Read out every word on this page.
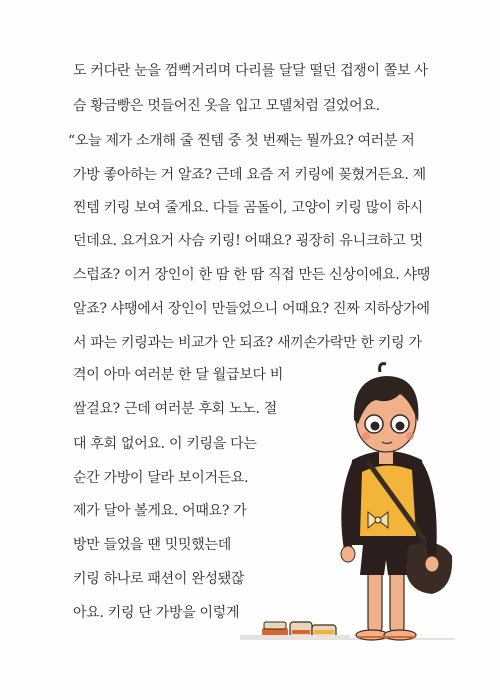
도 커다란 눈을 껌뻑거리며 다리를 달달 떨던 겁쟁이 쫄보 사
슴 황금빵은 멋들어진 옷을 입고 모델처럼 걸었어요.
“오늘 제가 소개해 줄 찐템 중 첫 번째는 뭘까요? 여러분 저
가방 좋아하는 거 알죠? 근데 요즘 저 키링에 꽂혔거든요. 제
찐템 키링 보여 줄게요. 다들 곰돌이, 고양이 키링 많이 하시
던데요. 요거요거 사슴 키링! 어때요? 굉장히 유니크하고 멋
스럽죠? 이거 장인이 한 땀 한 땀 직접 만든 신상이에요. 샤땡
알죠? 샤땡에서 장인이 만들었으니 어때요? 진짜 지하상가에
서 파는 키링과는 비교가 안 되죠? 새끼손가락만 한 키링 가
격이 아마 여러분 한 달 월급보다 비
쌀걸요? 근데 여러분 후회 노노. 절
대 후회 없어요. 이 키링을 다는
순간 가방이 달라 보이거든요.
제가 달아 볼게요. 어때요? 가
방만 들었을 땐 밋밋했는데
키링 하나로 패션이 완성됐잖
아요. 키링 단 가방을 이렇게
